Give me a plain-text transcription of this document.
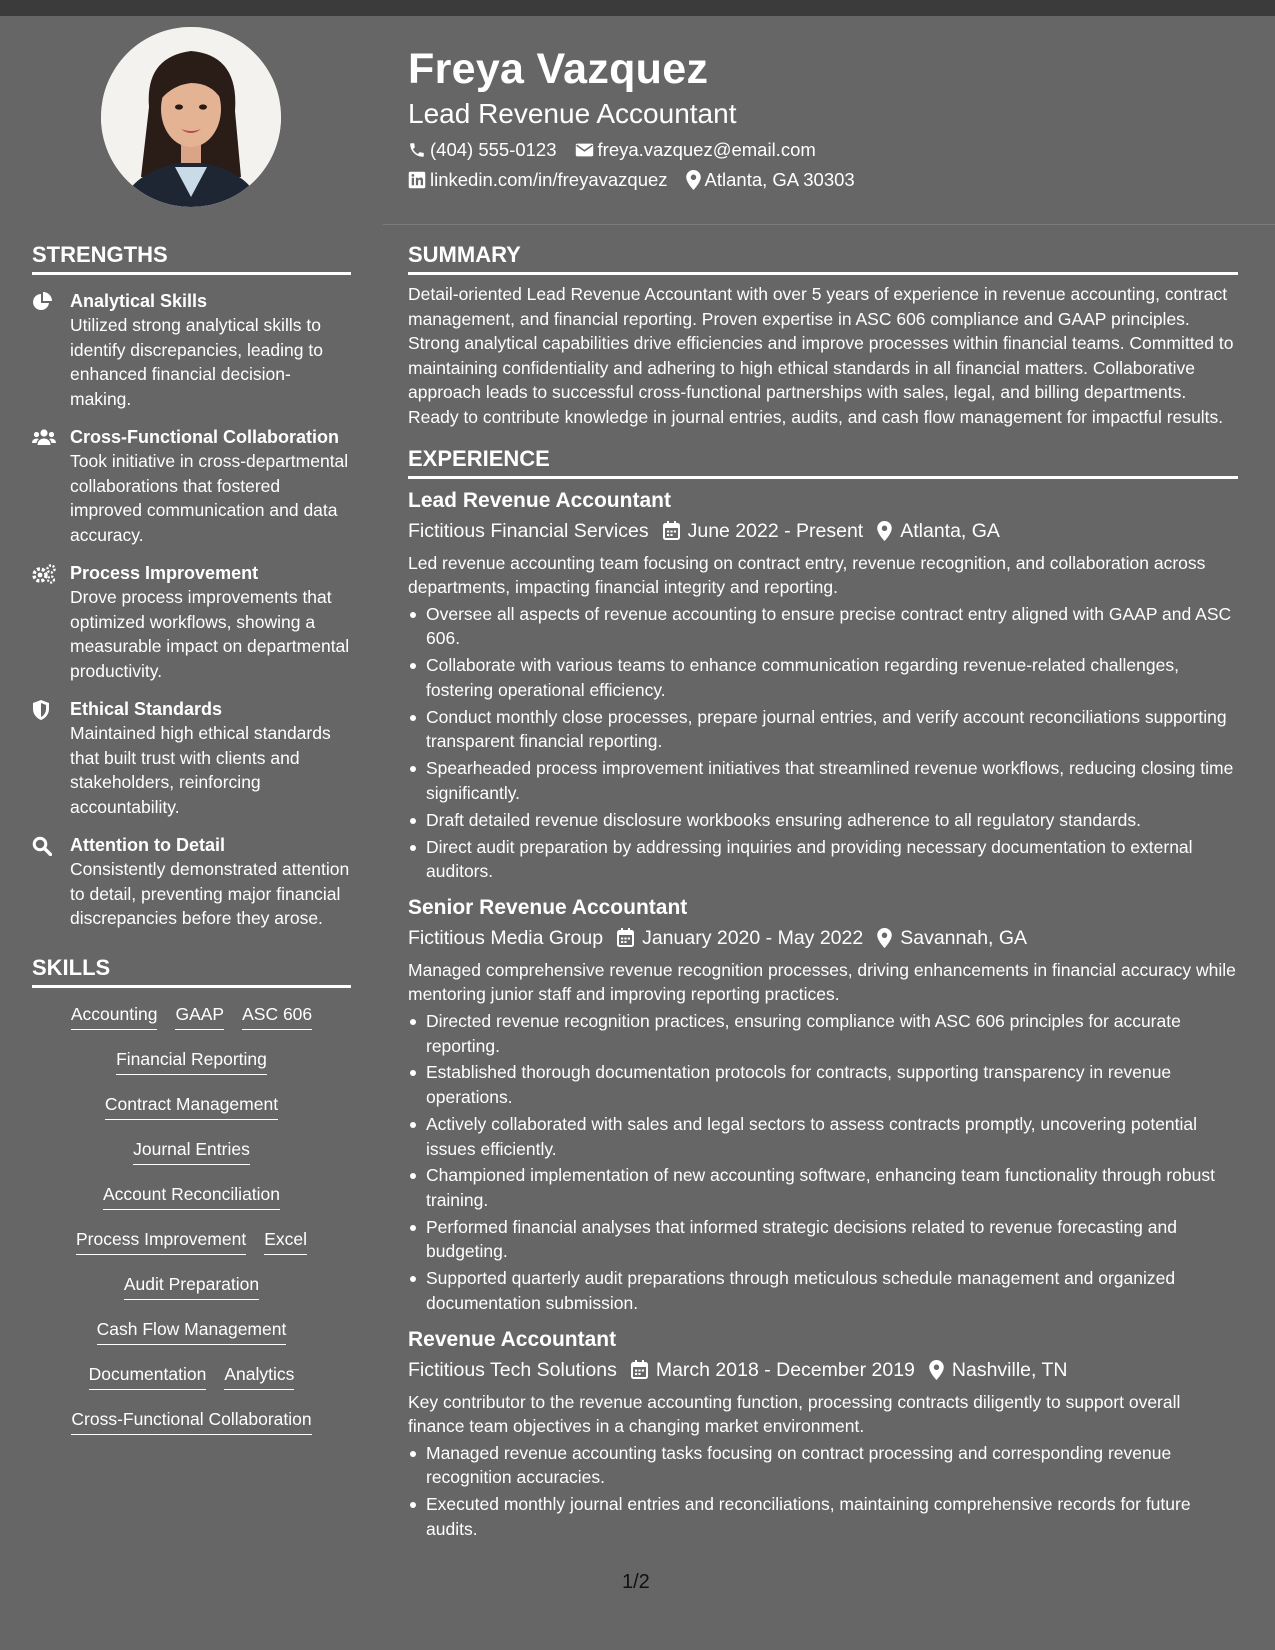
Freya Vazquez
Lead Revenue Accountant
(404) 555-0123 freya.vazquez@email.com
linkedin.com/in/freyavazquez Atlanta, GA 30303
STRENGTHS
Analytical Skills
Utilized strong analytical skills to identify discrepancies, leading to enhanced financial decision-making.
Cross-Functional Collaboration
Took initiative in cross-departmental collaborations that fostered improved communication and data accuracy.
Process Improvement
Drove process improvements that optimized workflows, showing a measurable impact on departmental productivity.
Ethical Standards
Maintained high ethical standards that built trust with clients and stakeholders, reinforcing accountability.
Attention to Detail
Consistently demonstrated attention to detail, preventing major financial discrepancies before they arose.
SKILLS
Accounting GAAP ASC 606
Financial Reporting
Contract Management
Journal Entries
Account Reconciliation
Process Improvement Excel
Audit Preparation
Cash Flow Management
Documentation Analytics
Cross-Functional Collaboration
SUMMARY
Detail-oriented Lead Revenue Accountant with over 5 years of experience in revenue accounting, contract management, and financial reporting. Proven expertise in ASC 606 compliance and GAAP principles. Strong analytical capabilities drive efficiencies and improve processes within financial teams. Committed to maintaining confidentiality and adhering to high ethical standards in all financial matters. Collaborative approach leads to successful cross-functional partnerships with sales, legal, and billing departments. Ready to contribute knowledge in journal entries, audits, and cash flow management for impactful results.
EXPERIENCE
Lead Revenue Accountant
Fictitious Financial Services June 2022 - Present Atlanta, GA
Led revenue accounting team focusing on contract entry, revenue recognition, and collaboration across departments, impacting financial integrity and reporting.
Oversee all aspects of revenue accounting to ensure precise contract entry aligned with GAAP and ASC 606.
Collaborate with various teams to enhance communication regarding revenue-related challenges, fostering operational efficiency.
Conduct monthly close processes, prepare journal entries, and verify account reconciliations supporting transparent financial reporting.
Spearheaded process improvement initiatives that streamlined revenue workflows, reducing closing time significantly.
Draft detailed revenue disclosure workbooks ensuring adherence to all regulatory standards.
Direct audit preparation by addressing inquiries and providing necessary documentation to external auditors.
Senior Revenue Accountant
Fictitious Media Group January 2020 - May 2022 Savannah, GA
Managed comprehensive revenue recognition processes, driving enhancements in financial accuracy while mentoring junior staff and improving reporting practices.
Directed revenue recognition practices, ensuring compliance with ASC 606 principles for accurate reporting.
Established thorough documentation protocols for contracts, supporting transparency in revenue operations.
Actively collaborated with sales and legal sectors to assess contracts promptly, uncovering potential issues efficiently.
Championed implementation of new accounting software, enhancing team functionality through robust training.
Performed financial analyses that informed strategic decisions related to revenue forecasting and budgeting.
Supported quarterly audit preparations through meticulous schedule management and organized documentation submission.
Revenue Accountant
Fictitious Tech Solutions March 2018 - December 2019 Nashville, TN
Key contributor to the revenue accounting function, processing contracts diligently to support overall finance team objectives in a changing market environment.
Managed revenue accounting tasks focusing on contract processing and corresponding revenue recognition accuracies.
Executed monthly journal entries and reconciliations, maintaining comprehensive records for future audits.
1/2
